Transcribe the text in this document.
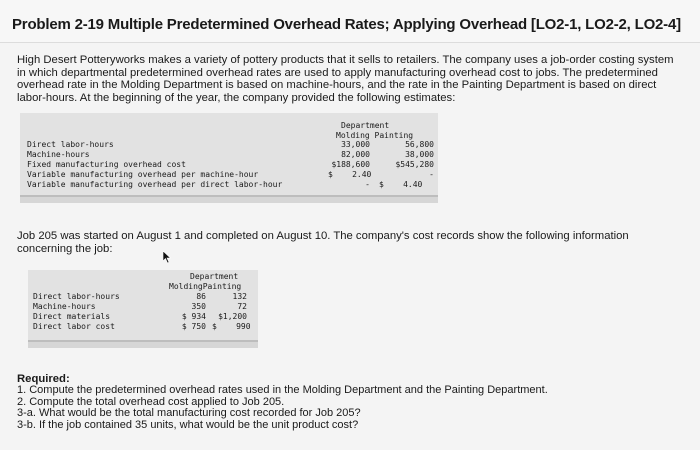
Problem 2-19 Multiple Predetermined Overhead Rates; Applying Overhead [LO2-1, LO2-2, LO2-4]
High Desert Potteryworks makes a variety of pottery products that it sells to retailers. The company uses a job-order costing system in which departmental predetermined overhead rates are used to apply manufacturing overhead cost to jobs. The predetermined overhead rate in the Molding Department is based on machine-hours, and the rate in the Painting Department is based on direct labor-hours. At the beginning of the year, the company provided the following estimates:
Department
Molding Painting
Direct labor-hours
Machine-hours
Fixed manufacturing overhead cost
Variable manufacturing overhead per machine-hour
Variable manufacturing overhead per direct labor-hour
33,000
82,000
$188,600
$    2.40
-
56,800
38,000
$545,280
-
$    4.40
Job 205 was started on August 1 and completed on August 10. The company's cost records show the following information concerning the job:
Department
MoldingPainting
Direct labor-hours
Machine-hours
Direct materials
Direct labor cost
86
350
$ 934
$ 750
132
72
$1,200
$    990
Required:
1. Compute the predetermined overhead rates used in the Molding Department and the Painting Department.
2. Compute the total overhead cost applied to Job 205.
3-a. What would be the total manufacturing cost recorded for Job 205?
3-b. If the job contained 35 units, what would be the unit product cost?
